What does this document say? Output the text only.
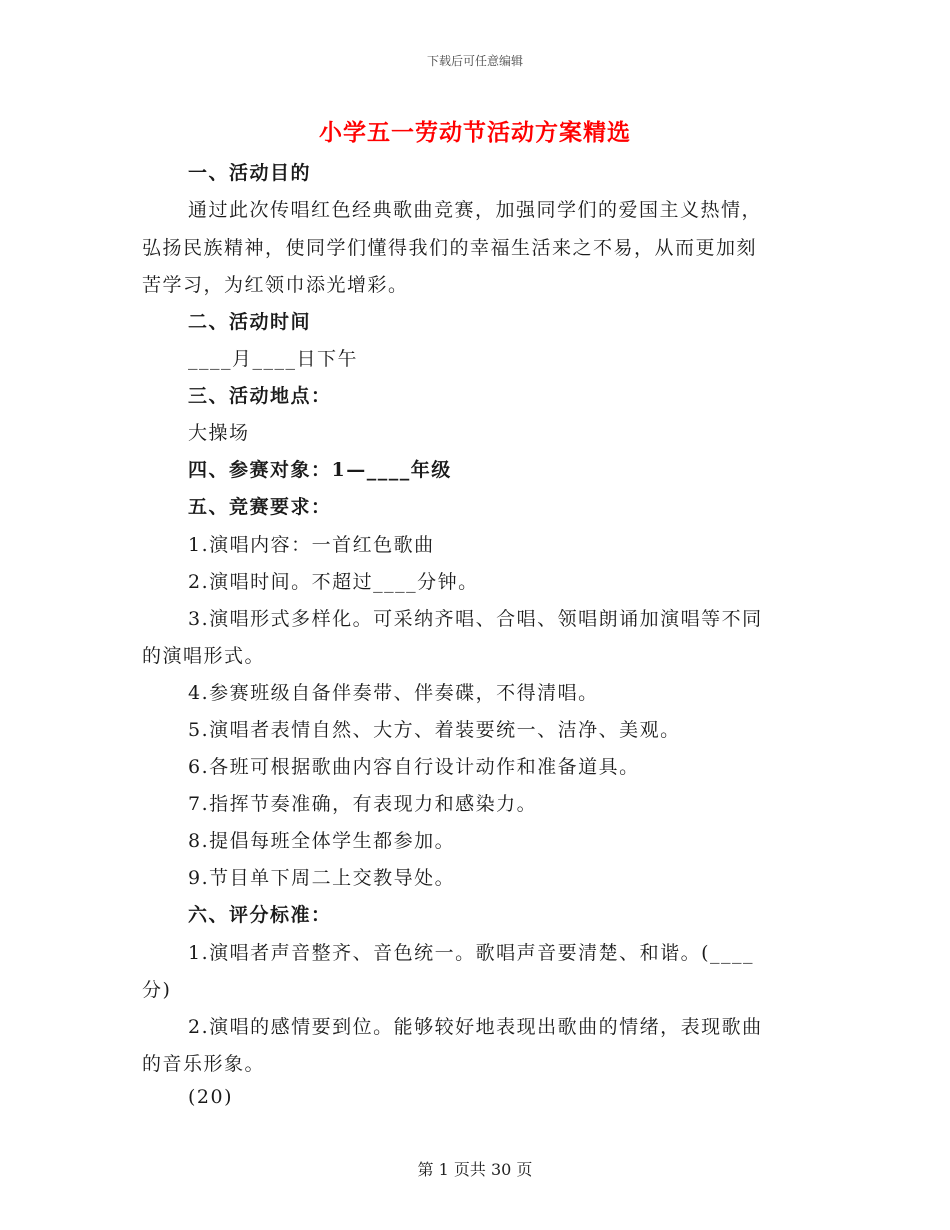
下载后可任意编辑
小学五一劳动节活动方案精选
一、活动目的
通过此次传唱红色经典歌曲竞赛，加强同学们的爱国主义热情，
弘扬民族精神，使同学们懂得我们的幸福生活来之不易，从而更加刻
苦学习，为红领巾添光增彩。
二、活动时间
____月____日下午
三、活动地点：
大操场
四、参赛对象：1—____年级
五、竞赛要求：
1.演唱内容：一首红色歌曲
2.演唱时间。不超过____分钟。
3.演唱形式多样化。可采纳齐唱、合唱、领唱朗诵加演唱等不同
的演唱形式。
4.参赛班级自备伴奏带、伴奏碟，不得清唱。
5.演唱者表情自然、大方、着装要统一、洁净、美观。
6.各班可根据歌曲内容自行设计动作和准备道具。
7.指挥节奏准确，有表现力和感染力。
8.提倡每班全体学生都参加。
9.节目单下周二上交教导处。
六、评分标准：
1.演唱者声音整齐、音色统一。歌唱声音要清楚、和谐。(____
分)
2.演唱的感情要到位。能够较好地表现出歌曲的情绪，表现歌曲
的音乐形象。
(20)
第 1 页共 30 页
